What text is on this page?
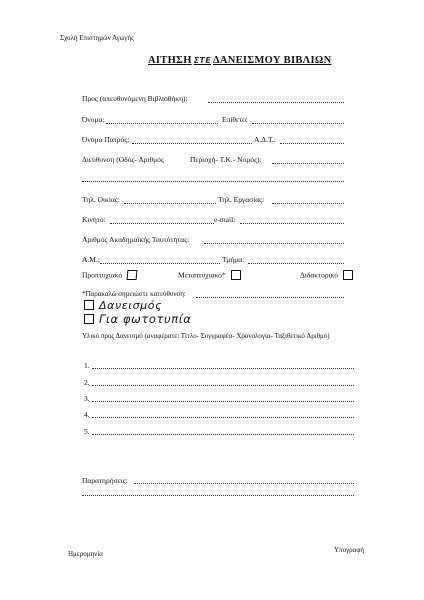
Σχολή Επιστημών Αγωγής
ΑΙΤΗΣΗ ΣΤΕ ΔΑΝΕΙΣΜΟΥ ΒΙΒΛΙΩΝ
Προς (απευθυνόμενη Βιβλιοθήκη):
Όνομα:	Επίθετο:
Όνομα Πατρός:	Α.Δ.Τ.:
Διεύθυνση (Οδός- Αριθμός	Περιοχή- Τ.Κ.- Νομός):
Τηλ. Οικίας:	Τηλ. Εργασίας:
Κινητό:	e-mail:
Αριθμός Ακαδημαϊκής Ταυτότητας:
Α.Μ.:	Τμήμα:
Προπτυχιακό	Μεταπτυχιακό*	Διδακτορικό
*Παρακαλώ σημειώστε κατεύθυνση:
Δανεισμός
Για φωτοτυπία
Υλικό προς Δανεισμό (αναφέρατε: Τίτλο- Συγγραφέα- Χρονολογία- Ταξιθετικό Αριθμό)
1.
2.
3.
4.
5.
Παρατηρήσεις:
Ημερομηνία	Υπογραφή
